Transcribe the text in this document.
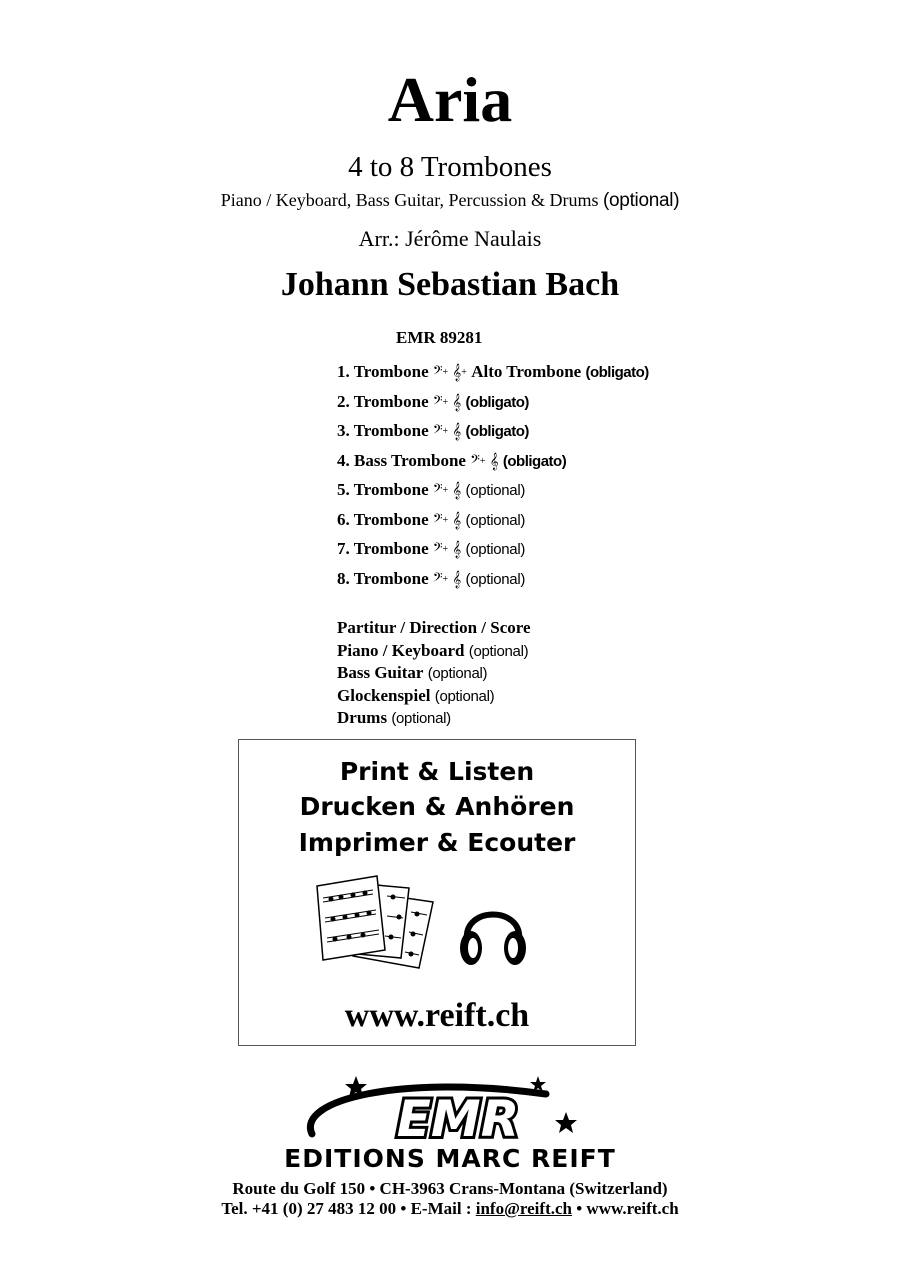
Aria
4 to 8 Trombones
Piano / Keyboard, Bass Guitar, Percussion & Drums (optional)
Arr.: Jérôme Naulais
Johann Sebastian Bach
EMR 89281
1. Trombone 𝄢+ 𝄞+ Alto Trombone (obligato)
2. Trombone 𝄢+ 𝄞 (obligato)
3. Trombone 𝄢+ 𝄞 (obligato)
4. Bass Trombone 𝄢+ 𝄞 (obligato)
5. Trombone 𝄢+ 𝄞 (optional)
6. Trombone 𝄢+ 𝄞 (optional)
7. Trombone 𝄢+ 𝄞 (optional)
8. Trombone 𝄢+ 𝄞 (optional)
Partitur / Direction / Score
Piano / Keyboard (optional)
Bass Guitar (optional)
Glockenspiel (optional)
Drums (optional)
Print & Listen
Drucken & Anhören
Imprimer & Ecouter
www.reift.ch
EMR
EDITIONS MARC REIFT
Route du Golf 150 • CH-3963 Crans-Montana (Switzerland)
Tel. +41 (0) 27 483 12 00 • E-Mail : info@reift.ch • www.reift.ch
